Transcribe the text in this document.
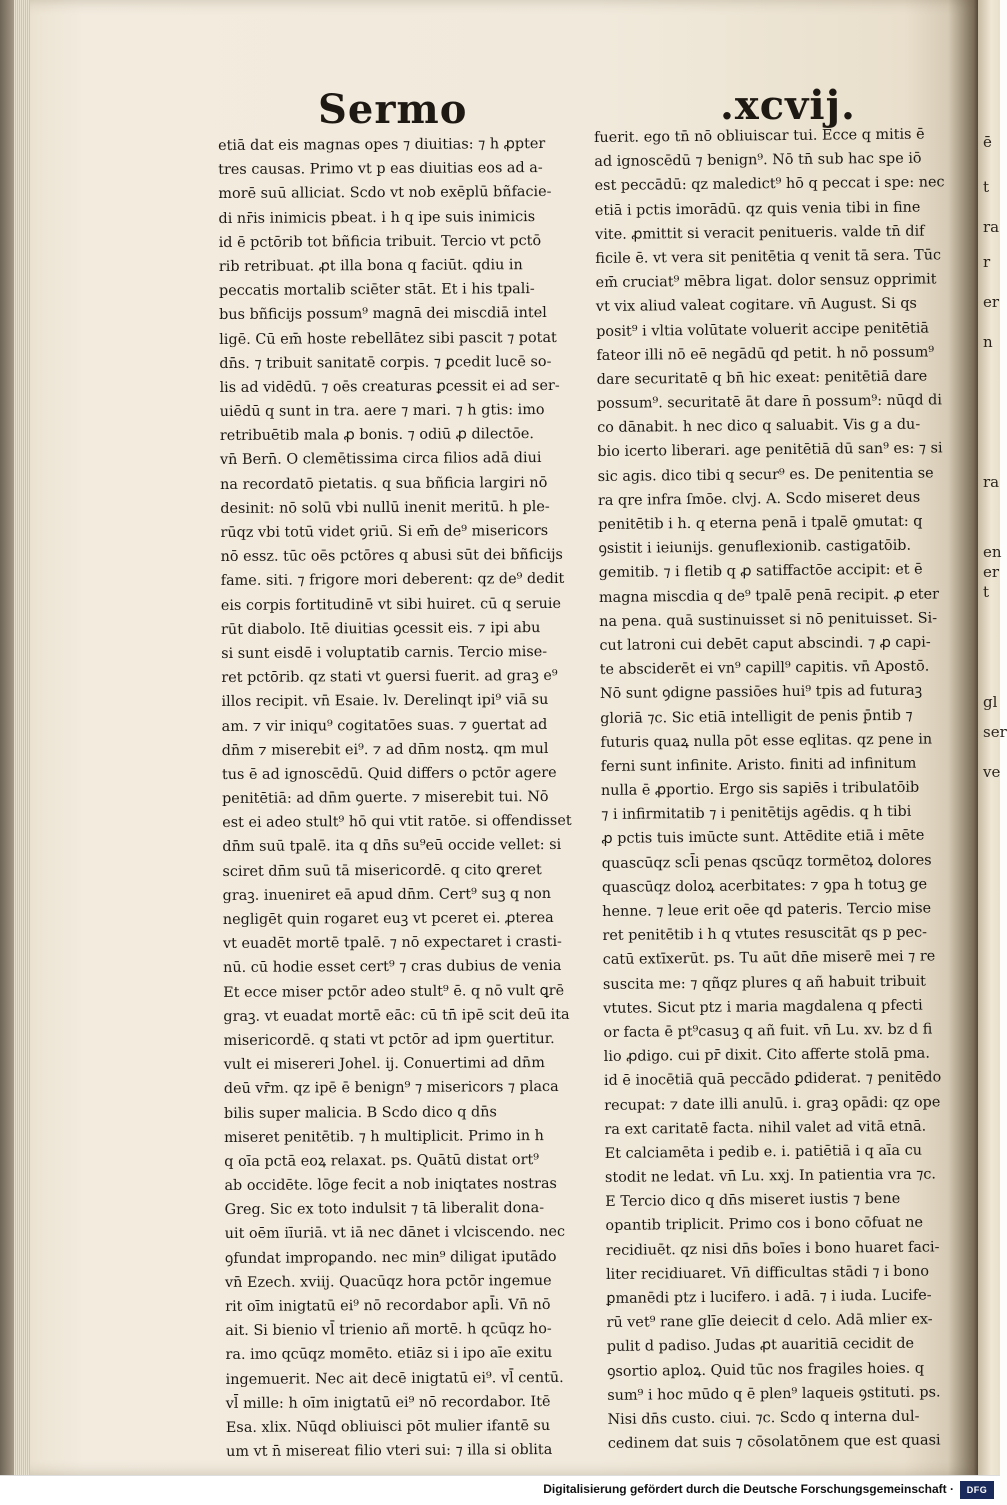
Sermo	.xcvij.
etiā dat eis magnas opes ⁊ diuitias: ⁊ h ꝓpter
tres causas. Primo vt p eas diuitias eos ad a-
morē suū alliciat. Scdo vt nob exēplū bñfacie-
di nr̄is inimicis pbeat. i h q ipe suis inimicis
id ē pctōrib tot bñficia tribuit. Tercio vt pctō
rib retribuat. ꝓt illa bona q faciūt. qdiu in
peccatis mortalib sciēter stāt. Et i his tpali-
bus bñficijs possum⁹ magnā dei miscdiā intel
ligē. Cū em̄ hoste rebellātez sibi pascit ⁊ potat
dn̄s. ⁊ tribuit sanitatē corpis. ⁊ ꝑcedit lucē so-
lis ad vidēdū. ⁊ oēs creaturas ꝑcessit ei ad ser-
uiēdū q sunt in tra. aere ⁊ mari. ⁊ h gtis: imo
retribuētib mala ꝓ bonis. ⁊ odiū ꝓ dilectōe.
vn̄ Bern̄. O clemētissima circa filios adā diui
na recordatō pietatis. q sua bñficia largiri nō
desinit: nō solū vbi nullū inenit meritū. h ple-
rūqz vbi totū videt ꝯriū. Si em̄ de⁹ misericors
nō essz. tūc oēs pctōres q abusi sūt dei bñficijs
fame. siti. ⁊ frigore mori deberent: qz de⁹ dedit
eis corpis fortitudinē vt sibi huiret. cū q seruie
rūt diabolo. Itē diuitias ꝯcessit eis. ⁊ ipi abu
si sunt eisdē i voluptatib carnis. Tercio mise-
ret pctōrib. qz stati vt ꝯuersi fuerit. ad graꝫ e⁹
illos recipit. vn̄ Esaie. lv. Derelinqt ipi⁹ viā su
am. ⁊ vir iniqu⁹ cogitatōes suas. ⁊ ꝯuertat ad
dn̄m ⁊ miserebit ei⁹. ⁊ ad dn̄m nostꝝ. qm mul
tus ē ad ignoscēdū. Quid differs o pctōr agere
penitētiā: ad dn̄m ꝯuerte. ⁊ miserebit tui. Nō
est ei adeo stult⁹ hō qui vtit ratōe. si offendisset
dn̄m suū tpalē. ita q dn̄s su⁹eū occide vellet: si
sciret dn̄m suū tā misericordē. q cito ꝗreret
graꝫ. inueniret eā apud dn̄m. Cert⁹ suꝫ q non
negligēt quin rogaret euꝫ vt pceret ei. ꝓterea
vt euadēt mortē tpalē. ⁊ nō expectaret i crasti-
nū. cū hodie esset cert⁹ ⁊ cras dubius de venia
Et ecce miser pctōr adeo stult⁹ ē. q nō vult ꝗrē
graꝫ. vt euadat mortē eāc: cū tn̄ ipē scit deū ita
misericordē. q stati vt pctōr ad ipm ꝯuertitur.
vult ei misereri Johel. ij. Conuertimi ad dn̄m
deū vr̄m. qz ipē ē benign⁹ ⁊ misericors ⁊ placa
bilis super malicia. B Scdo dico q dn̄s
miseret penitētib. ⁊ h multiplicit. Primo in h
q oīa pctā eoꝝ relaxat. ps. Quātū distat ort⁹
ab occidēte. lōge fecit a nob iniqtates nostras
Greg. Sic ex toto indulsit ⁊ tā liberalit dona-
uit oēm iīuriā. vt iā nec dānet i vlciscendo. nec
ꝯfundat improꝑando. nec min⁹ diligat iputādo
vn̄ Ezech. xviij. Quacūqz hora pctōr ingemue
rit oīm inigtatū ei⁹ nō recordabor apl̄i. Vn̄ nō
ait. Si bienio vl̄ trienio añ mortē. h qcūqz ho-
ra. imo qcūqz momēto. etiāz si i ipo aīe exitu
ingemuerit. Nec ait decē inigtatū ei⁹. vl̄ centū.
vl̄ mille: h oīm inigtatū ei⁹ nō recordabor. Itē
Esa. xlix. Nūqd obliuisci pōt mulier ifantē su
um vt n̄ misereat filio vteri sui: ⁊ illa si oblita
fuerit. ego tn̄ nō obliuiscar tui. Ecce q mitis ē
ad ignoscēdū ⁊ benign⁹. Nō tn̄ sub hac spe iō
est peccādū: qz maledict⁹ hō q peccat i spe: nec
etiā i pctis imorādū. qz quis venia tibi in fine
vite. ꝓmittit si veracit penitueris. valde tn̄ dif
ficile ē. vt vera sit penitētia q venit tā sera. Tūc
em̄ cruciat⁹ mēbra ligat. dolor sensuz opprimit
vt vix aliud valeat cogitare. vn̄ August. Si qs
posit⁹ i vltia volūtate voluerit accipe penitētiā
fateor illi nō eē negādū qd petit. h nō possum⁹
dare securitatē q bn̄ hic exeat: penitētiā dare
possum⁹. securitatē āt dare n̄ possum⁹: nūqd di
co dānabit. h nec dico q saluabit. Vis g a du-
bio icerto liberari. age penitētiā dū san⁹ es: ⁊ si
sic agis. dico tibi q secur⁹ es. De penitentia se
ra qre infra ſmōe. clvj. A. Scdo miseret deus
penitētib i h. q eterna penā i tpalē ꝯmutat: q
ꝯsistit i ieiunijs. genuflexionib. castigatōib.
gemitib. ⁊ i fletib q ꝓ satiffactōe accipit: et ē
magna miscdia q de⁹ tpalē penā recipit. ꝓ eter
na pena. quā sustinuisset si nō penituisset. Si-
cut latroni cui debēt caput abscindi. ⁊ ꝓ capi-
te absciderēt ei vn⁹ capill⁹ capitis. vn̄ Apostō.
Nō sunt ꝯdigne passiōes hui⁹ tpis ad futuraꝫ
gloriā ⁊c. Sic etiā intelligit de penis p̄ntib ⁊
futuris quaꝝ nulla pōt esse eqlitas. qz pene in
ferni sunt infinite. Aristo. finiti ad infinitum
nulla ē ꝓportio. Ergo sis sapiēs i tribulatōib
⁊ i infirmitatib ⁊ i penitētijs agēdis. q h tibi
ꝓ pctis tuis imūcte sunt. Attēdite etiā i mēte
quascūqz scl̄i penas qscūqz tormētoꝝ dolores
quascūqz doloꝝ acerbitates: ⁊ ꝯpa h totuꝫ ge
henne. ⁊ leue erit oēe qd pateris. Tercio mise
ret penitētib i h q vtutes resuscitāt qs p pec-
catū extīxerūt. ps. Tu aūt dn̄e miserē mei ⁊ re
suscita me: ⁊ qñqz plures q añ habuit tribuit
vtutes. Sicut ptz i maria magdalena q pfecti
or facta ē pt⁹casuꝫ q añ fuit. vn̄ Lu. xv. bz d fi
lio ꝓdigo. cui pr̄ dixit. Cito afferte stolā pma.
id ē inocētiā quā peccādo ꝑdiderat. ⁊ penitēdo
recupat: ⁊ date illi anulū. i. graꝫ opādi: qz ope
ra ext caritatē facta. nihil valet ad vitā etnā.
Et calciamēta i pedib e. i. patiētiā i q aīa cu
stodit ne ledat. vn̄ Lu. xxj. In patientia vra ⁊c.
E Tercio dico q dn̄s miseret iustis ⁊ bene
opantib triplicit. Primo cos i bono cōfuat ne
recidiuēt. qz nisi dn̄s boīes i bono huaret faci-
liter recidiuaret. Vn̄ difficultas stādi ⁊ i bono
ꝑmanēdi ptz i lucifero. i adā. ⁊ i iuda. Lucife-
rū vet⁹ rane glīe deiecit d celo. Adā mlier ex-
pulit d padiso. Judas ꝓt auaritiā cecidit de
ꝯsortio aploꝝ. Quid tūc nos fragiles hoies. q
sum⁹ i hoc mūdo q ē plen⁹ laqueis ꝯstituti. ps.
Nisi dn̄s custo. ciui. ⁊c. Scdo q interna dul-
cedinem dat suis ⁊ cōsolatōnem que est quasi
ē
t
ra
r
er
n
ra
en
er
t
gl
ser
ve
Digitalisierung gefördert durch die Deutsche Forschungsgemeinschaft ·	DFG
